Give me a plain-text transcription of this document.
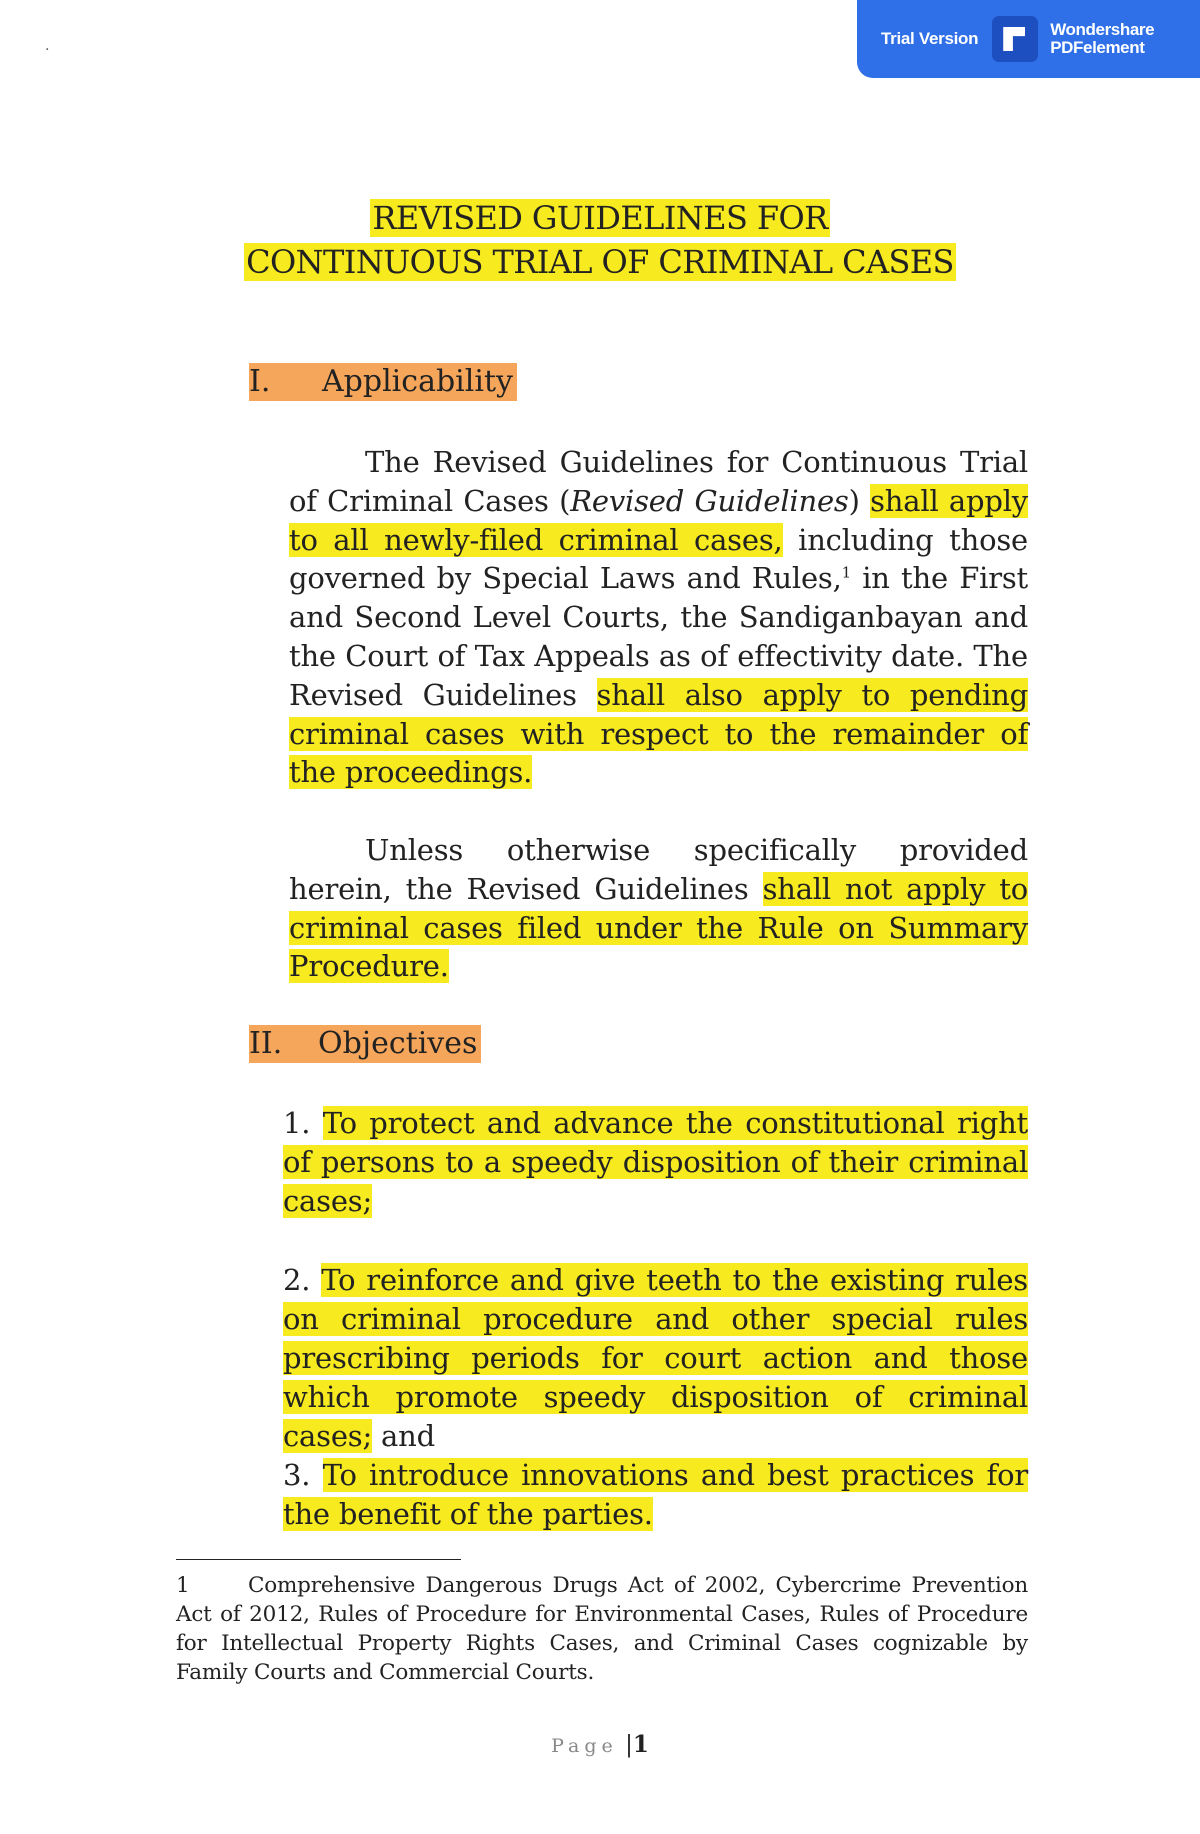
.	Trial Version	Wondershare
PDFelement
REVISED GUIDELINES FOR
CONTINUOUS TRIAL OF CRIMINAL CASES
I. Applicability

The Revised Guidelines for Continuous Trial of Criminal Cases (Revised Guidelines) shall apply to all newly-filed criminal cases, including those governed by Special Laws and Rules,$^1$ in the First and Second Level Courts, the Sandiganbayan and the Court of Tax Appeals as of effectivity date. The Revised Guidelines shall also apply to pending criminal cases with respect to the remainder of the proceedings.

Unless otherwise specifically provided herein, the Revised Guidelines shall not apply to criminal cases filed under the Rule on Summary Procedure.

II. Objectives

1. To protect and advance the constitutional right of persons to a speedy disposition of their criminal cases;

2. To reinforce and give teeth to the existing rules on criminal procedure and other special rules prescribing periods for court action and those which promote speedy disposition of criminal cases; and

3. To introduce innovations and best practices for the benefit of the parties.

1	Comprehensive Dangerous Drugs Act of 2002, Cybercrime Prevention Act of 2012, Rules of Procedure for Environmental Cases, Rules of Procedure for Intellectual Property Rights Cases, and Criminal Cases cognizable by Family Courts and Commercial Courts.

Page |1
